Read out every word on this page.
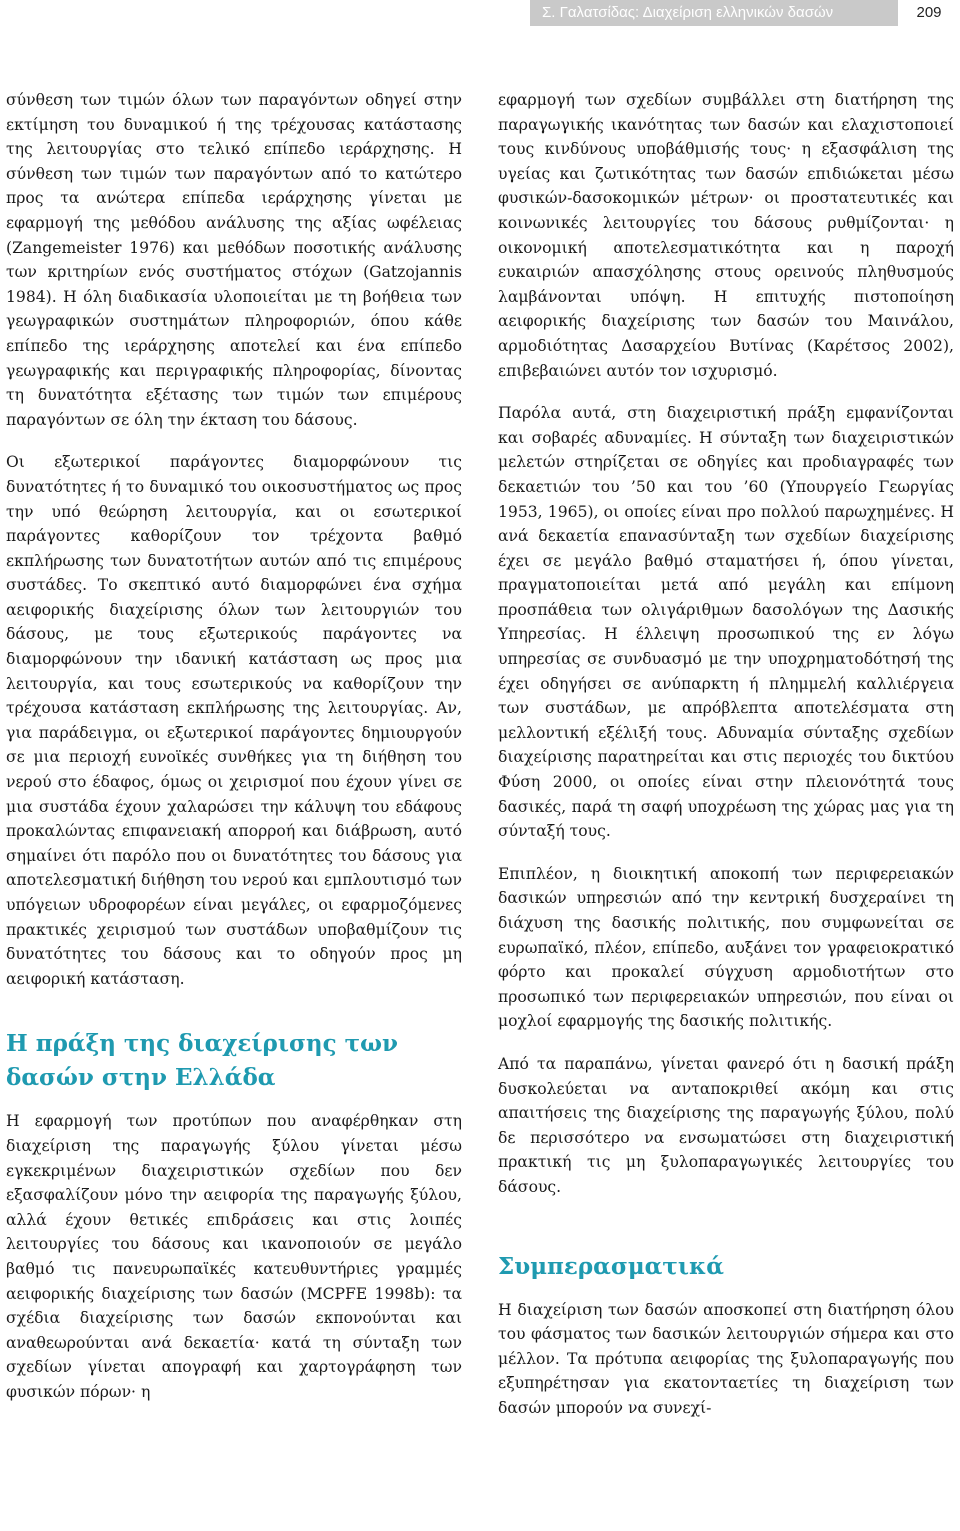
Σ. Γαλατσίδας: Διαχείριση ελληνικών δασών	209

σύνθεση των τιμών όλων των παραγόντων οδηγεί στην εκτίμηση του δυναμικού ή της τρέχουσας κατάστασης της λειτουργίας στο τελικό επίπεδο ιεράρχησης. Η σύνθεση των τιμών των παραγόντων από το κατώτερο προς τα ανώτερα επίπεδα ιεράρχησης γίνεται με εφαρμογή της μεθόδου ανάλυσης της αξίας ωφέλειας (Zangemeister 1976) και μεθόδων ποσοτικής ανάλυσης των κριτηρίων ενός συστήματος στόχων (Gatzojannis 1984). Η όλη διαδικασία υλοποιείται με τη βοήθεια των γεωγραφικών συστημάτων πληροφοριών, όπου κάθε επίπεδο της ιεράρχησης αποτελεί και ένα επίπεδο γεωγραφικής και περιγραφικής πληροφορίας, δίνοντας τη δυνατότητα εξέτασης των τιμών των επιμέρους παραγόντων σε όλη την έκταση του δάσους.

Οι εξωτερικοί παράγοντες διαμορφώνουν τις δυνατότητες ή το δυναμικό του οικοσυστήματος ως προς την υπό θεώρηση λειτουργία, και οι εσωτερικοί παράγοντες καθορίζουν τον τρέχοντα βαθμό εκπλήρωσης των δυνατοτήτων αυτών από τις επιμέρους συστάδες. Το σκεπτικό αυτό διαμορφώνει ένα σχήμα αειφορικής διαχείρισης όλων των λειτουργιών του δάσους, με τους εξωτερικούς παράγοντες να διαμορφώνουν την ιδανική κατάσταση ως προς μια λειτουργία, και τους εσωτερικούς να καθορίζουν την τρέχουσα κατάσταση εκπλήρωσης της λειτουργίας. Αν, για παράδειγμα, οι εξωτερικοί παράγοντες δημιουργούν σε μια περιοχή ευνοϊκές συνθήκες για τη διήθηση του νερού στο έδαφος, όμως οι χειρισμοί που έχουν γίνει σε μια συστάδα έχουν χαλαρώσει την κάλυψη του εδάφους προκαλώντας επιφανειακή απορροή και διάβρωση, αυτό σημαίνει ότι παρόλο που οι δυνατότητες του δάσους για αποτελεσματική διήθηση του νερού και εμπλουτισμό των υπόγειων υδροφορέων είναι μεγάλες, οι εφαρμοζόμενες πρακτικές χειρισμού των συστάδων υποβαθμίζουν τις δυνατότητες του δάσους και το οδηγούν προς μη αειφορική κατάσταση.

Η πράξη της διαχείρισης των δασών στην Ελλάδα

Η εφαρμογή των προτύπων που αναφέρθηκαν στη διαχείριση της παραγωγής ξύλου γίνεται μέσω εγκεκριμένων διαχειριστικών σχεδίων που δεν εξασφαλίζουν μόνο την αειφορία της παραγωγής ξύλου, αλλά έχουν θετικές επιδράσεις και στις λοιπές λειτουργίες του δάσους και ικανοποιούν σε μεγάλο βαθμό τις πανευρωπαϊκές κατευθυντήριες γραμμές αειφορικής διαχείρισης των δασών (MCPFE 1998b): τα σχέδια διαχείρισης των δασών εκπονούνται και αναθεωρούνται ανά δεκαετία· κατά τη σύνταξη των σχεδίων γίνεται απογραφή και χαρτογράφηση των φυσικών πόρων· η

εφαρμογή των σχεδίων συμβάλλει στη διατήρηση της παραγωγικής ικανότητας των δασών και ελαχιστοποιεί τους κινδύνους υποβάθμισής τους· η εξασφάλιση της υγείας και ζωτικότητας των δασών επιδιώκεται μέσω φυσικών-δασοκομικών μέτρων· οι προστατευτικές και κοινωνικές λειτουργίες του δάσους ρυθμίζονται· η οικονομική αποτελεσματικότητα και η παροχή ευκαιριών απασχόλησης στους ορεινούς πληθυσμούς λαμβάνονται υπόψη. Η επιτυχής πιστοποίηση αειφορικής διαχείρισης των δασών του Μαινάλου, αρμοδιότητας Δασαρχείου Βυτίνας (Καρέτσος 2002), επιβεβαιώνει αυτόν τον ισχυρισμό.

Παρόλα αυτά, στη διαχειριστική πράξη εμφανίζονται και σοβαρές αδυναμίες. Η σύνταξη των διαχειριστικών μελετών στηρίζεται σε οδηγίες και προδιαγραφές των δεκαετιών του ’50 και του ’60 (Υπουργείο Γεωργίας 1953, 1965), οι οποίες είναι προ πολλού παρωχημένες. Η ανά δεκαετία επανασύνταξη των σχεδίων διαχείρισης έχει σε μεγάλο βαθμό σταματήσει ή, όπου γίνεται, πραγματοποιείται μετά από μεγάλη και επίμονη προσπάθεια των ολιγάριθμων δασολόγων της Δασικής Υπηρεσίας. Η έλλειψη προσωπικού της εν λόγω υπηρεσίας σε συνδυασμό με την υποχρηματοδότησή της έχει οδηγήσει σε ανύπαρκτη ή πλημμελή καλλιέργεια των συστάδων, με απρόβλεπτα αποτελέσματα στη μελλοντική εξέλιξή τους. Αδυναμία σύνταξης σχεδίων διαχείρισης παρατηρείται και στις περιοχές του δικτύου Φύση 2000, οι οποίες είναι στην πλειονότητά τους δασικές, παρά τη σαφή υποχρέωση της χώρας μας για τη σύνταξή τους.

Επιπλέον, η διοικητική αποκοπή των περιφερειακών δασικών υπηρεσιών από την κεντρική δυσχεραίνει τη διάχυση της δασικής πολιτικής, που συμφωνείται σε ευρωπαϊκό, πλέον, επίπεδο, αυξάνει τον γραφειοκρατικό φόρτο και προκαλεί σύγχυση αρμοδιοτήτων στο προσωπικό των περιφερειακών υπηρεσιών, που είναι οι μοχλοί εφαρμογής της δασικής πολιτικής.

Από τα παραπάνω, γίνεται φανερό ότι η δασική πράξη δυσκολεύεται να ανταποκριθεί ακόμη και στις απαιτήσεις της διαχείρισης της παραγωγής ξύλου, πολύ δε περισσότερο να ενσωματώσει στη διαχειριστική πρακτική τις μη ξυλοπαραγωγικές λειτουργίες του δάσους.

Συμπερασματικά

Η διαχείριση των δασών αποσκοπεί στη διατήρηση όλου του φάσματος των δασικών λειτουργιών σήμερα και στο μέλλον. Τα πρότυπα αειφορίας της ξυλοπαραγωγής που εξυπηρέτησαν για εκατονταετίες τη διαχείριση των δασών μπορούν να συνεχί-
